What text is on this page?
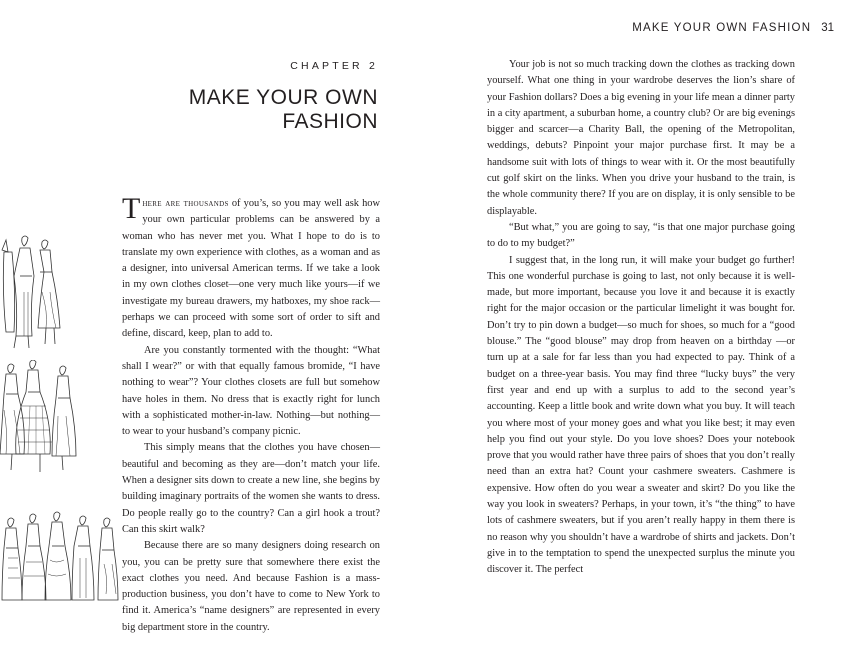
CHAPTER 2
MAKE YOUR OWN FASHION

There are thousands of you’s, so you may well ask how your own particular problems can be answered by a woman who has never met you. What I hope to do is to translate my own experience with clothes, as a woman and as a designer, into universal American terms. If we take a look in my own clothes closet—one very much like yours—if we investigate my bureau drawers, my hatboxes, my shoe rack—perhaps we can proceed with some sort of order to sift and define, discard, keep, plan to add to.

Are you constantly tormented with the thought: “What shall I wear?” or with that equally famous bromide, “I have nothing to wear”? Your clothes closets are full but somehow have holes in them. No dress that is exactly right for lunch with a sophisticated mother-in-law. Nothing—but nothing—to wear to your husband’s company picnic.

This simply means that the clothes you have chosen—beautiful and becoming as they are—don’t match your life. When a designer sits down to create a new line, she begins by building imaginary portraits of the women she wants to dress. Do people really go to the country? Can a girl hook a trout? Can this skirt walk?

Because there are so many designers doing research on you, you can be pretty sure that somewhere there exist the exact clothes you need. And because Fashion is a mass-production business, you don’t have to come to New York to find it. America’s “name designers” are represented in every big department store in the country.

MAKE YOUR OWN FASHION 31

Your job is not so much tracking down the clothes as tracking down yourself. What one thing in your wardrobe deserves the lion’s share of your Fashion dollars? Does a big evening in your life mean a dinner party in a city apartment, a suburban home, a country club? Or are big evenings bigger and scarcer—a Charity Ball, the opening of the Metropolitan, weddings, debuts? Pinpoint your major purchase first. It may be a handsome suit with lots of things to wear with it. Or the most beautifully cut golf skirt on the links. When you drive your husband to the train, is the whole community there? If you are on display, it is only sensible to be displayable.

“But what,” you are going to say, “is that one major purchase going to do to my budget?”

I suggest that, in the long run, it will make your budget go further! This one wonderful purchase is going to last, not only because it is well-made, but more important, because you love it and because it is exactly right for the major occasion or the particular limelight it was bought for. Don’t try to pin down a budget—so much for shoes, so much for a “good blouse.” The “good blouse” may drop from heaven on a birthday —or turn up at a sale for far less than you had expected to pay. Think of a budget on a three-year basis. You may find three “lucky buys” the very first year and end up with a surplus to add to the second year’s accounting. Keep a little book and write down what you buy. It will teach you where most of your money goes and what you like best; it may even help you find out your style. Do you love shoes? Does your notebook prove that you would rather have three pairs of shoes that you don’t really need than an extra hat? Count your cashmere sweaters. Cashmere is expensive. How often do you wear a sweater and skirt? Do you like the way you look in sweaters? Perhaps, in your town, it’s “the thing” to have lots of cashmere sweaters, but if you aren’t really happy in them there is no reason why you shouldn’t have a wardrobe of shirts and jackets. Don’t give in to the temptation to spend the unexpected surplus the minute you discover it. The perfect
